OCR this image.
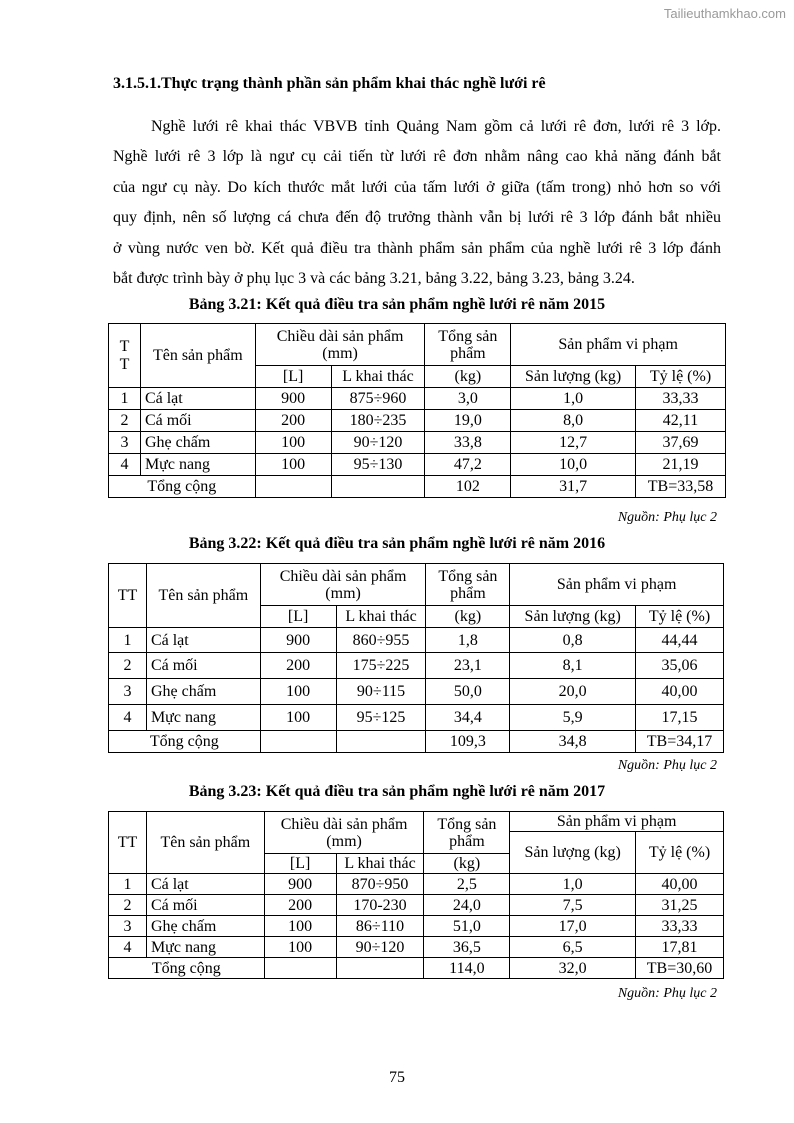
Tailieuthamkhao.com
3.1.5.1.Thực trạng thành phần sản phẩm khai thác nghề lưới rê
Nghề lưới rê khai thác VBVB tỉnh Quảng Nam gồm cả lưới rê đơn, lưới rê 3 lớp.
Nghề lưới rê 3 lớp là ngư cụ cải tiến từ lưới rê đơn nhằm nâng cao khả năng đánh bắt
của ngư cụ này. Do kích thước mắt lưới của tấm lưới ở giữa (tấm trong) nhỏ hơn so với
quy định, nên số lượng cá chưa đến độ trưởng thành vẫn bị lưới rê 3 lớp đánh bắt nhiều
ở vùng nước ven bờ. Kết quả điều tra thành phẩm sản phẩm của nghề lưới rê 3 lớp đánh
bắt được trình bày ở phụ lục 3 và các bảng 3.21, bảng 3.22, bảng 3.23, bảng 3.24.
Bảng 3.21: Kết quả điều tra sản phẩm nghề lưới rê năm 2015
T
T	Tên sản phẩm	Chiều dài sản phẩm (mm)		Tổng sản phẩm	Sản phẩm vi phạm	
		[L]	L khai thác	(kg)	Sản lượng (kg)	Tỷ lệ (%)
1	Cá lạt	900	875÷960	3,0	1,0	33,33
2	Cá mối	200	180÷235	19,0	8,0	42,11
3	Ghẹ chấm	100	90÷120	33,8	12,7	37,69
4	Mực nang	100	95÷130	47,2	10,0	21,19
Tổng cộng				102	31,7	TB=33,58
Nguồn: Phụ lục 2
Bảng 3.22: Kết quả điều tra sản phẩm nghề lưới rê năm 2016
TT	Tên sản phẩm	Chiều dài sản phẩm (mm)		Tổng sản phẩm	Sản phẩm vi phạm	
		[L]	L khai thác	(kg)	Sản lượng (kg)	Tỷ lệ (%)
1	Cá lạt	900	860÷955	1,8	0,8	44,44
2	Cá mối	200	175÷225	23,1	8,1	35,06
3	Ghẹ chấm	100	90÷115	50,0	20,0	40,00
4	Mực nang	100	95÷125	34,4	5,9	17,15
Tổng cộng				109,3	34,8	TB=34,17
Nguồn: Phụ lục 2
Bảng 3.23: Kết quả điều tra sản phẩm nghề lưới rê năm 2017
TT	Tên sản phẩm	Chiều dài sản phẩm (mm)		Tổng sản phẩm	Sản phẩm vi phạm	
					Sản lượng (kg)	Tỷ lệ (%)
		[L]	L khai thác	(kg)		
1	Cá lạt	900	870÷950	2,5	1,0	40,00
2	Cá mối	200	170-230	24,0	7,5	31,25
3	Ghẹ chấm	100	86÷110	51,0	17,0	33,33
4	Mực nang	100	90÷120	36,5	6,5	17,81
Tổng cộng				114,0	32,0	TB=30,60
Nguồn: Phụ lục 2
75
